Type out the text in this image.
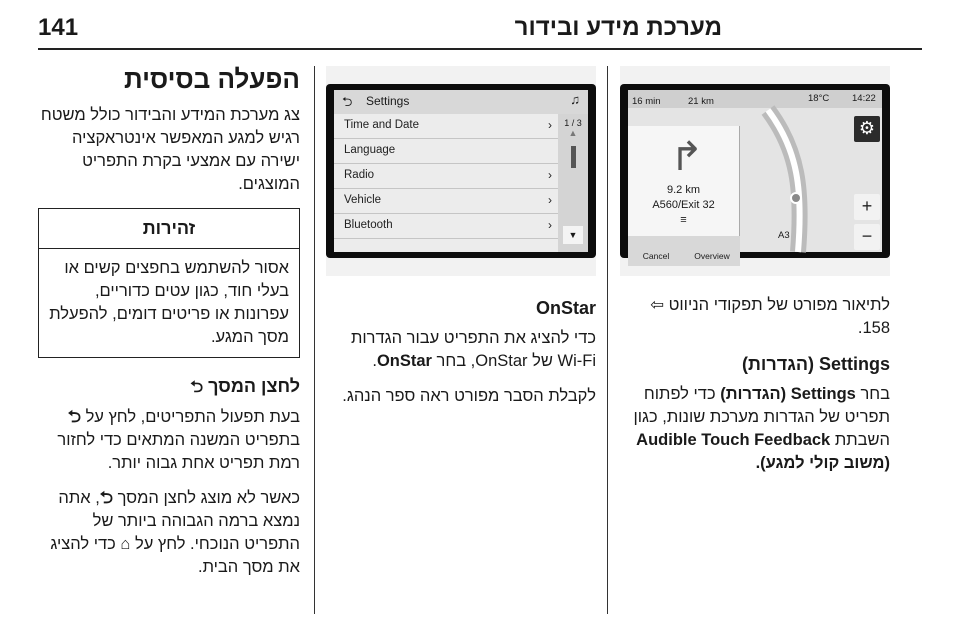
141	מערכת מידע ובידור
הפעלה בסיסית

צג מערכת המידע והבידור כולל משטח רגיש למגע המאפשר אינטראקציה ישירה עם אמצעי בקרת התפריט המוצגים.

זהירות
אסור להשתמש בחפצים קשים או בעלי חוד, כגון עטים כדוריים, עפרונות או פריטים דומים, להפעלת מסך המגע.
לחצן המסך ⮌

בעת תפעול התפריטים, לחץ על ⮌ בתפריט המשנה המתאים כדי לחזור רמת תפריט אחת גבוה יותר.

כאשר לא מוצג לחצן המסך ⮌, אתה נמצא ברמה הגבוהה ביותר של התפריט הנוכחי. לחץ על ⌂ כדי להציג את מסך הבית.

⮌ Settings	♫
Time and Date	›
Language
Radio	›
Vehicle	›
Bluetooth	›
1 / 3
▲
▼
OnStar

כדי להציג את התפריט עבור הגדרות Wi-Fi של OnStar, בחר OnStar.

לקבלת הסבר מפורט ראה ספר הנהג.

18°C 14:22
16 min	21 km
↱
9.2 km
A560/Exit 32
≡
Cancel	Overview
⚙
+
−
A3

לתיאור מפורט של תפקודי הניווט ⇦ 158.

Settings (הגדרות)

בחר Settings (הגדרות) כדי לפתוח תפריט של הגדרות מערכת שונות, כגון השבתת Audible Touch Feedback (משוב קולי למגע).
